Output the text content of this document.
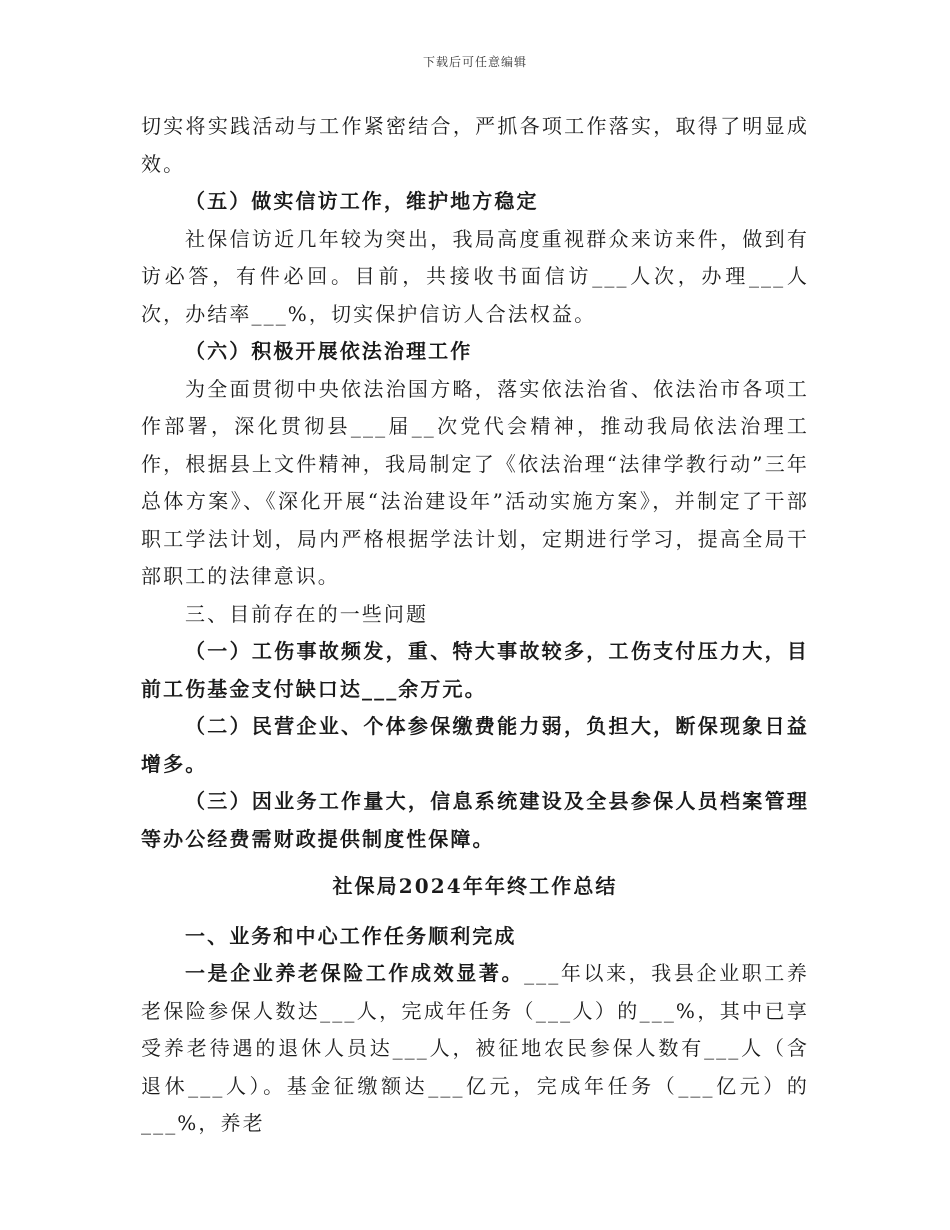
下载后可任意编辑

切实将实践活动与工作紧密结合，严抓各项工作落实，取得了明显成效。

（五）做实信访工作，维护地方稳定

社保信访近几年较为突出，我局高度重视群众来访来件，做到有访必答，有件必回。目前，共接收书面信访___人次，办理___人次，办结率___%，切实保护信访人合法权益。

（六）积极开展依法治理工作

为全面贯彻中央依法治国方略，落实依法治省、依法治市各项工作部署，深化贯彻县___届__次党代会精神，推动我局依法治理工作，根据县上文件精神，我局制定了《依法治理“法律学教行动”三年总体方案》、《深化开展“法治建设年”活动实施方案》，并制定了干部职工学法计划，局内严格根据学法计划，定期进行学习，提高全局干部职工的法律意识。

三、目前存在的一些问题

（一）工伤事故频发，重、特大事故较多，工伤支付压力大，目前工伤基金支付缺口达___余万元。

（二）民营企业、个体参保缴费能力弱，负担大，断保现象日益增多。

（三）因业务工作量大，信息系统建设及全县参保人员档案管理等办公经费需财政提供制度性保障。

社保局2024年年终工作总结

一、业务和中心工作任务顺利完成

一是企业养老保险工作成效显著。___年以来，我县企业职工养老保险参保人数达___人，完成年任务（___人）的___%，其中已享受养老待遇的退休人员达___人，被征地农民参保人数有___人（含退休___人）。基金征缴额达___亿元，完成年任务（___亿元）的___%，养老
